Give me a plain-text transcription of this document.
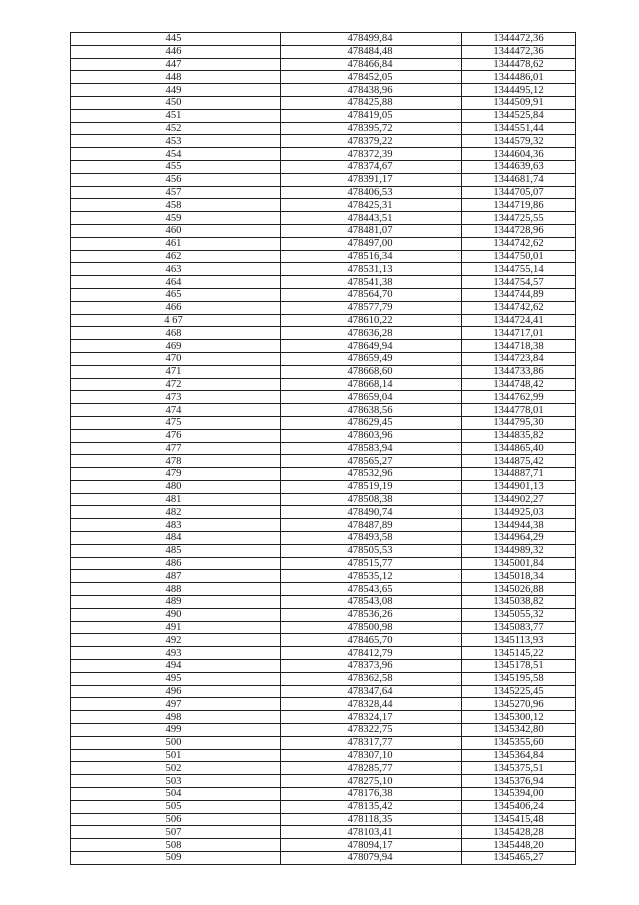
445	478499,84	1344472,36
446	478484,48	1344472,36
447	478466,84	1344478,62
448	478452,05	1344486,01
449	478438,96	1344495,12
450	478425,88	1344509,91
451	478419,05	1344525,84
452	478395,72	1344551,44
453	478379,22	1344579,32
454	478372,39	1344604,36
455	478374,67	1344639,63
456	478391,17	1344681,74
457	478406,53	1344705,07
458	478425,31	1344719,86
459	478443,51	1344725,55
460	478481,07	1344728,96
461	478497,00	1344742,62
462	478516,34	1344750,01
463	478531,13	1344755,14
464	478541,38	1344754,57
465	478564,70	1344744,89
466	478577,79	1344742,62
4 67	478610,22	1344724,41
468	478636,28	1344717,01
469	478649,94	1344718,38
470	478659,49	1344723,84
471	478668,60	1344733,86
472	478668,14	1344748,42
473	478659,04	1344762,99
474	478638,56	1344778,01
475	478629,45	1344795,30
476	478603,96	1344835,82
477	478583,94	1344865,40
478	478565,27	1344875,42
479	478532,96	1344887,71
480	478519,19	1344901,13
481	478508,38	1344902,27
482	478490,74	1344925,03
483	478487,89	1344944,38
484	478493,58	1344964,29
485	478505,53	1344989,32
486	478515,77	1345001,84
487	478535,12	1345018,34
488	478543,65	1345026,88
489	478543,08	1345038,82
490	478536,26	1345055,32
491	478500,98	1345083,77
492	478465,70	1345113,93
493	478412,79	1345145,22
494	478373,96	1345178,51
495	478362,58	1345195,58
496	478347,64	1345225,45
497	478328,44	1345270,96
498	478324,17	1345300,12
499	478322,75	1345342,80
500	478317,77	1345355,60
501	478307,10	1345364,84
502	478285,77	1345375,51
503	478275,10	1345376,94
504	478176,38	1345394,00
505	478135,42	1345406,24
506	478118,35	1345415,48
507	478103,41	1345428,28
508	478094,17	1345448,20
509	478079,94	1345465,27
